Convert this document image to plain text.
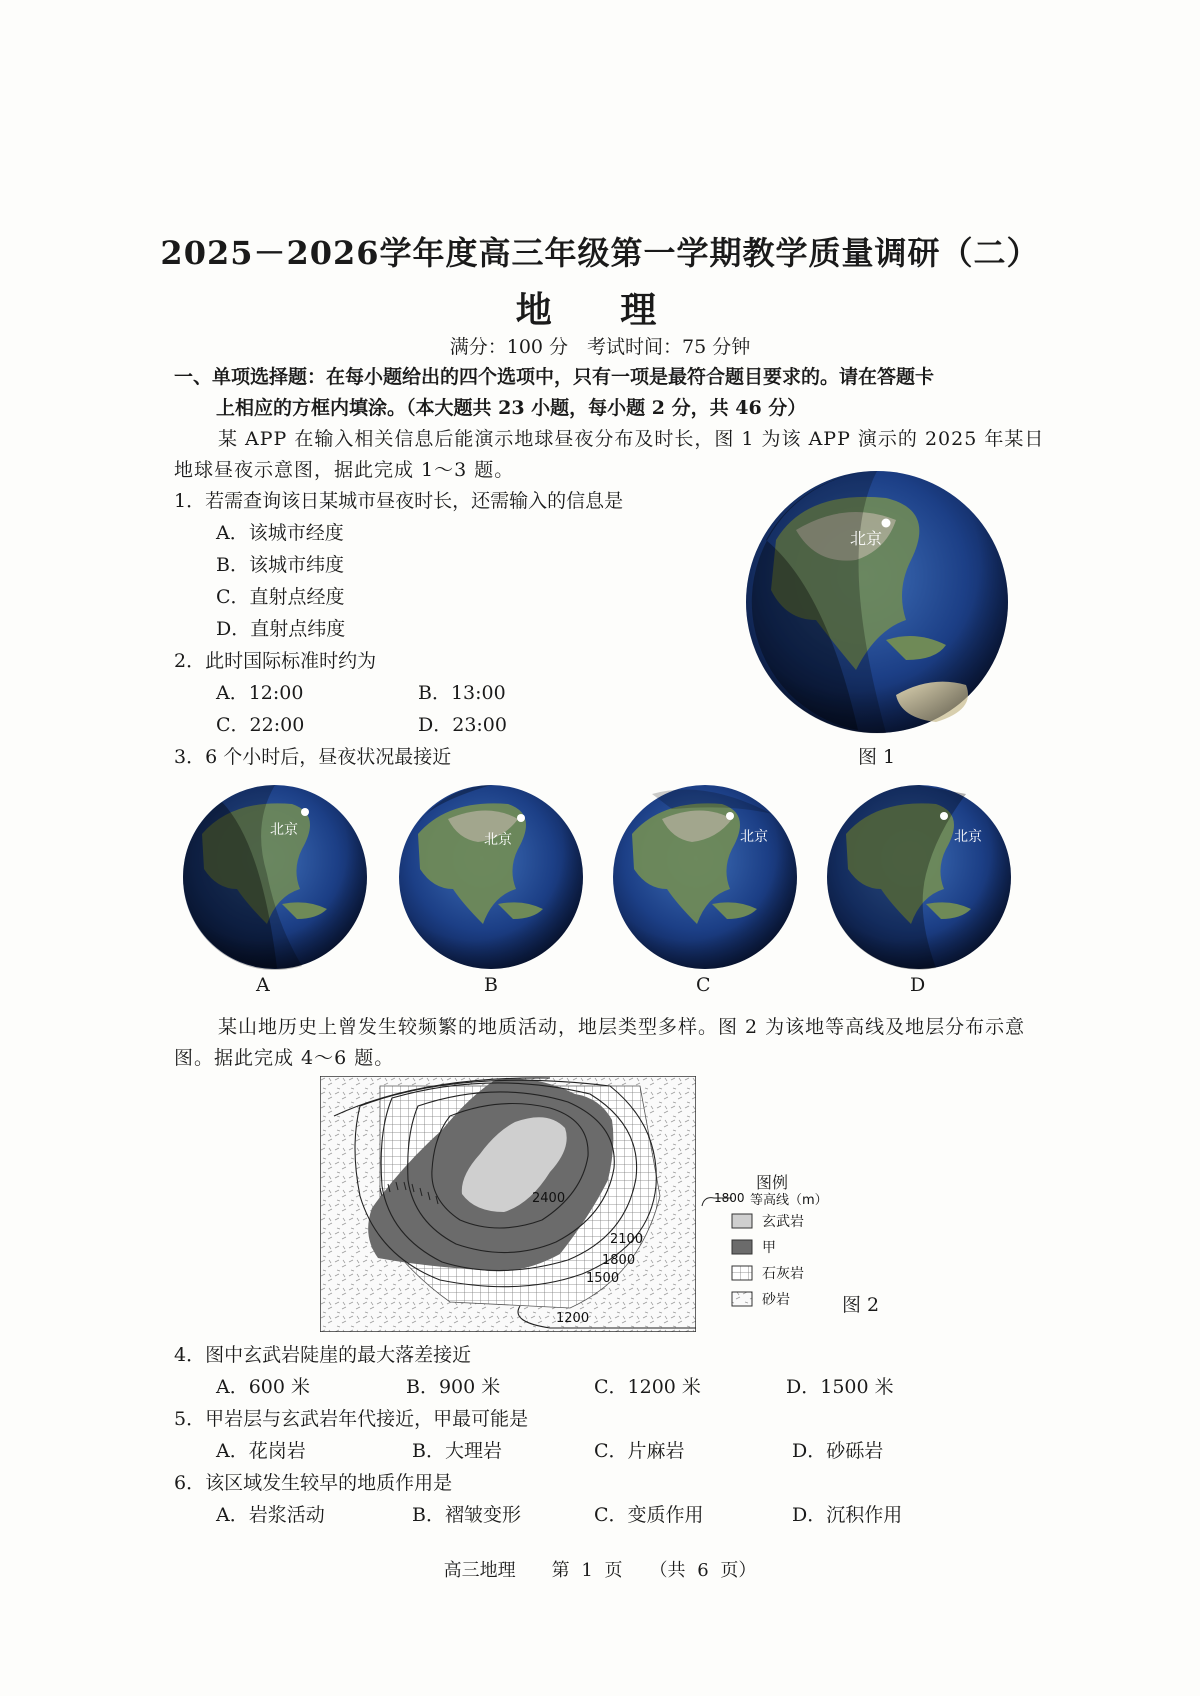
2025－2026学年度高三年级第一学期教学质量调研（二）
地 理
满分：100 分　考试时间：75 分钟
一、单项选择题：在每小题给出的四个选项中，只有一项是最符合题目要求的。请在答题卡
上相应的方框内填涂。（本大题共 23 小题，每小题 2 分，共 46 分）
某 APP 在输入相关信息后能演示地球昼夜分布及时长，图 1 为该 APP 演示的 2025 年某日地球昼夜示意图，据此完成 1～3 题。
1．若需查询该日某城市昼夜时长，还需输入的信息是
A．该城市经度
B．该城市纬度
C．直射点经度
D．直射点纬度
2．此时国际标准时约为
A．12:00	B．13:00
C．22:00	D．23:00
3．6 个小时后，昼夜状况最接近
北京
图 1
北京
北京	北京	北京
A	B	C	D
某山地历史上曾发生较频繁的地质活动，地层类型多样。图 2 为该地等高线及地层分布示意图。据此完成 4～6 题。
2400
2100
1800
1500
1200
图例
1800 等高线（m）
玄武岩
甲
石灰岩
砂岩	图 2
4．图中玄武岩陡崖的最大落差接近
A．600 米	B．900 米	C．1200 米	D．1500 米
5．甲岩层与玄武岩年代接近，甲最可能是
A．花岗岩	B．大理岩	C．片麻岩	D．砂砾岩
6．该区域发生较早的地质作用是
A．岩浆活动	B．褶皱变形	C．变质作用	D．沉积作用
高三地理　　第 1 页　　（共 6 页）
